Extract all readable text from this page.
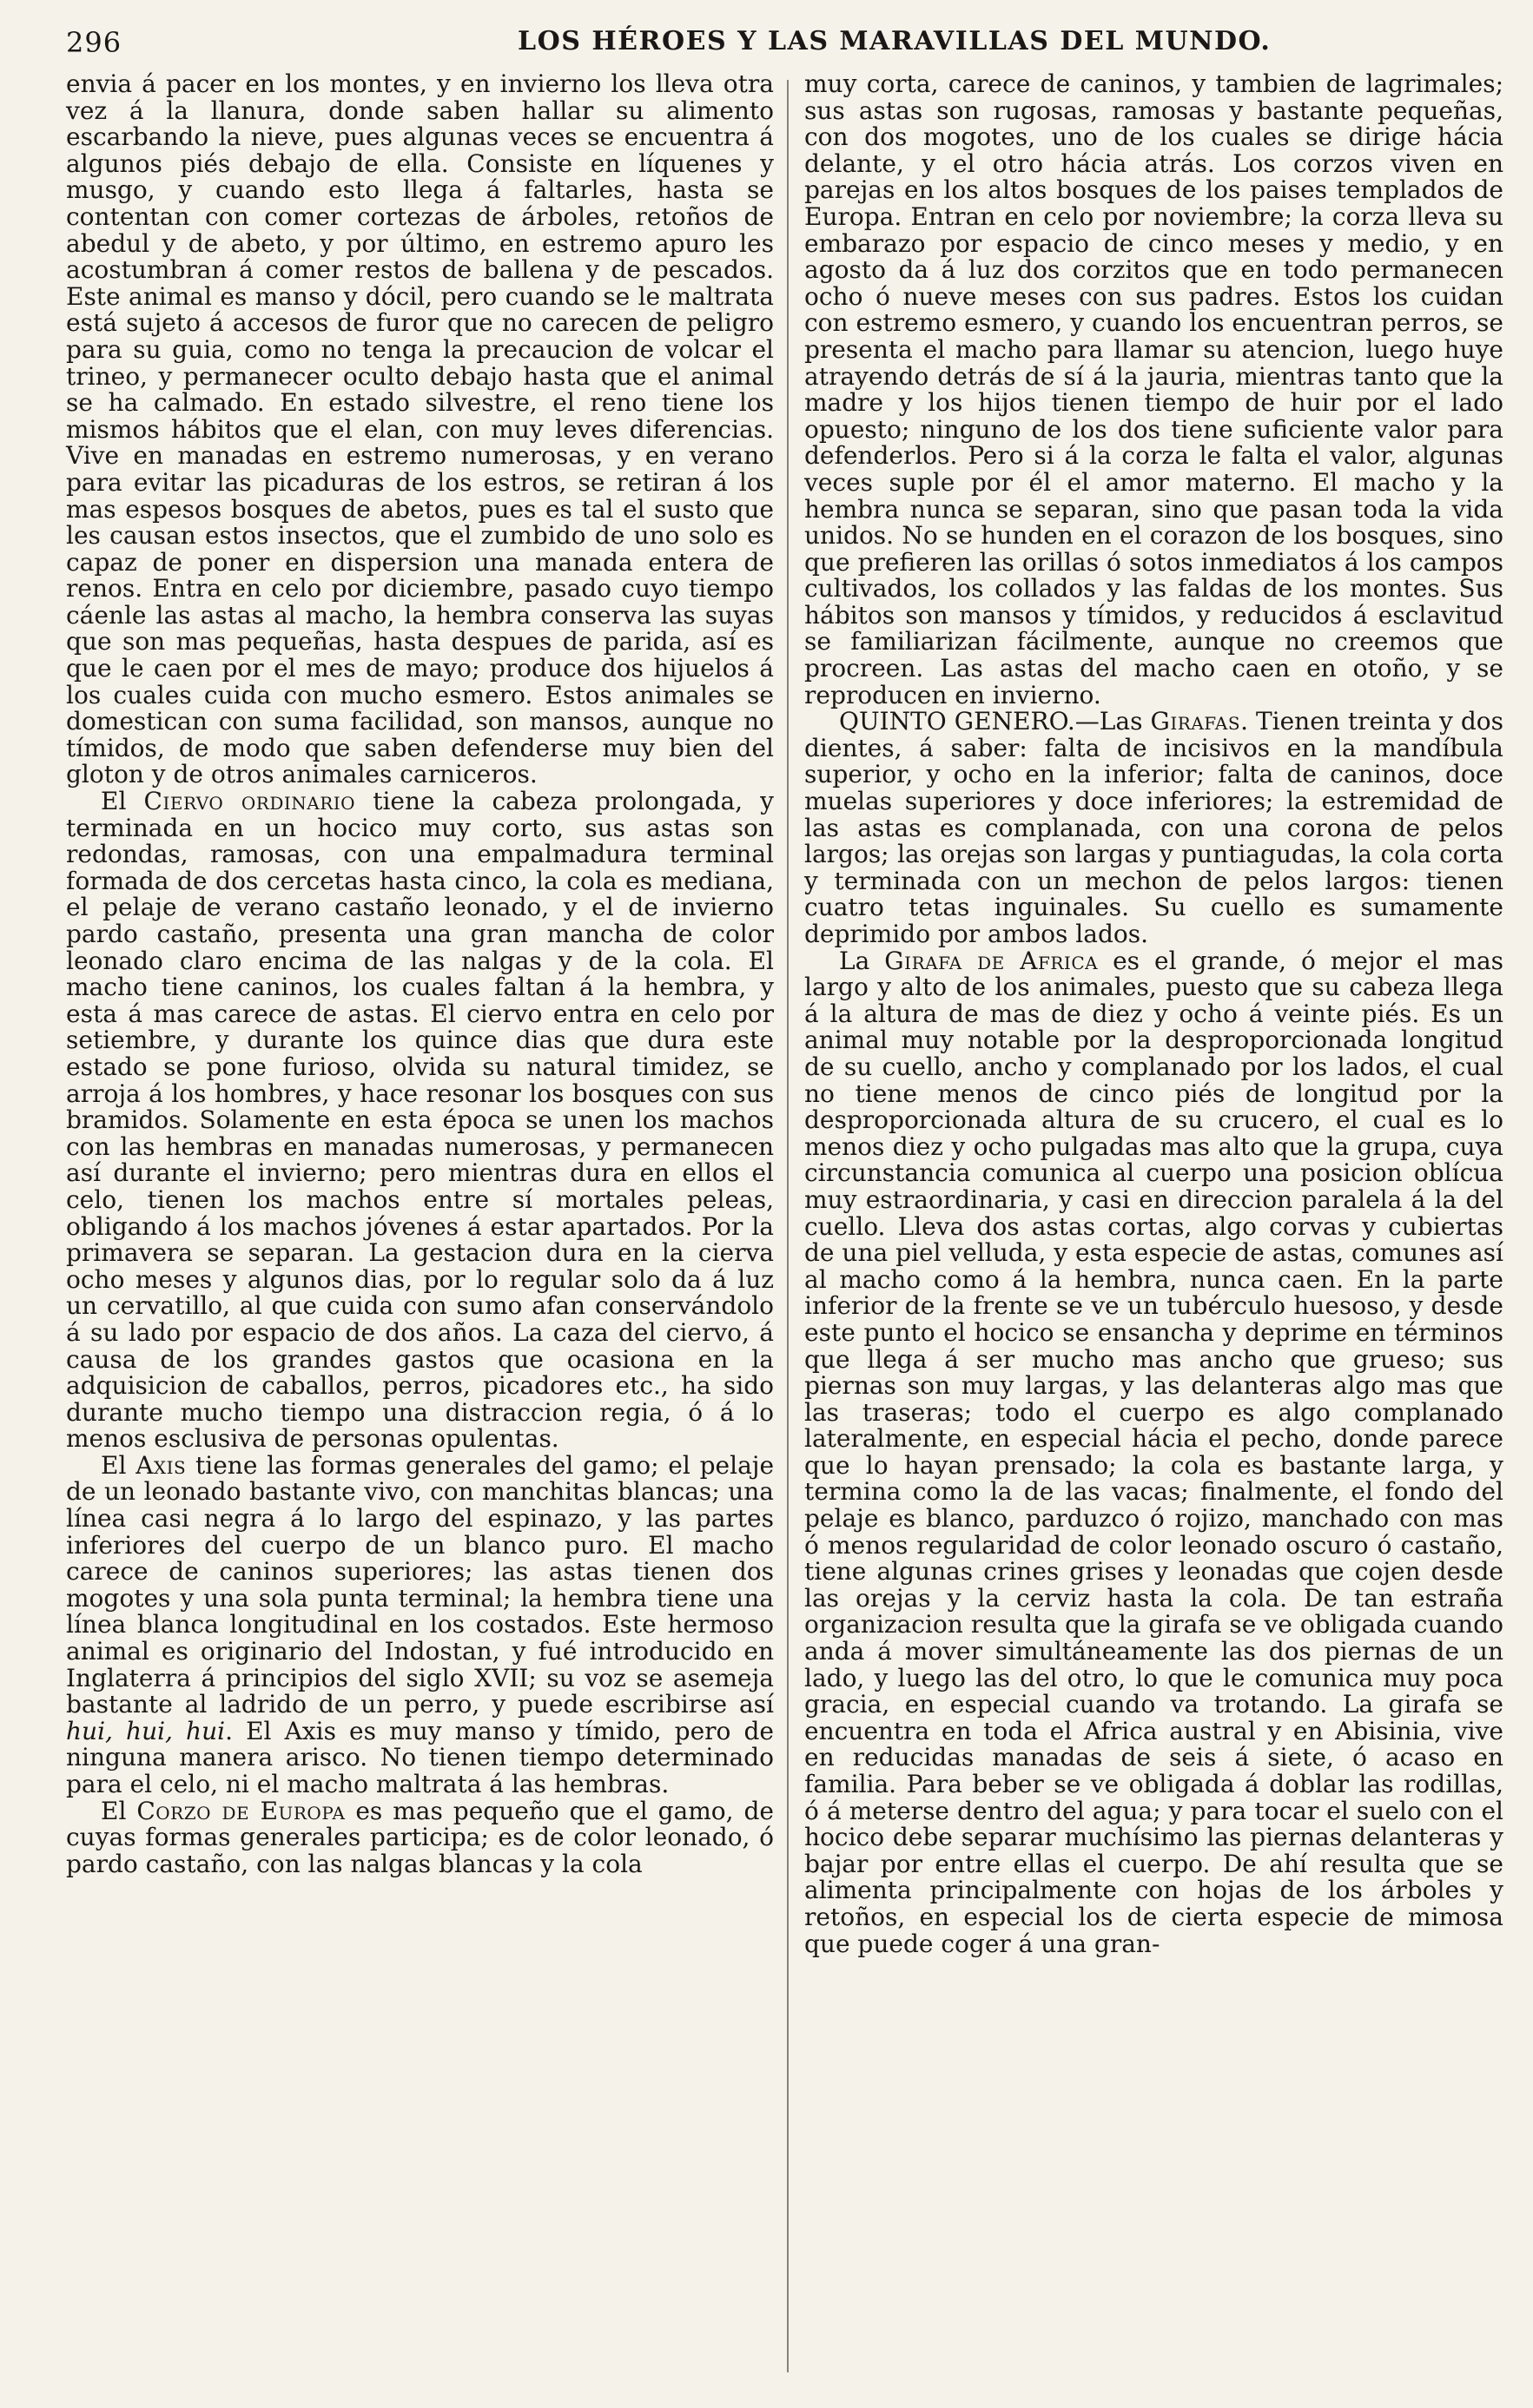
296	LOS HÉROES Y LAS MARAVILLAS DEL MUNDO.

envia á pacer en los montes, y en invierno los lleva otra vez á la llanura, donde saben hallar su alimento escarbando la nieve, pues algunas veces se encuentra á algunos piés debajo de ella. Consiste en líquenes y musgo, y cuando esto llega á faltarles, hasta se contentan con comer cortezas de árboles, retoños de abedul y de abeto, y por último, en estremo apuro les acostumbran á comer restos de ballena y de pescados. Este animal es manso y dócil, pero cuando se le maltrata está sujeto á accesos de furor que no carecen de peligro para su guia, como no tenga la precaucion de volcar el trineo, y permanecer oculto debajo hasta que el animal se ha calmado. En estado silvestre, el reno tiene los mismos hábitos que el elan, con muy leves diferencias. Vive en manadas en estremo numerosas, y en verano para evitar las picaduras de los estros, se retiran á los mas espesos bosques de abetos, pues es tal el susto que les causan estos insectos, que el zumbido de uno solo es capaz de poner en dispersion una manada entera de renos. Entra en celo por diciembre, pasado cuyo tiempo cáenle las astas al macho, la hembra conserva las suyas que son mas pequeñas, hasta despues de parida, así es que le caen por el mes de mayo; produce dos hijuelos á los cuales cuida con mucho esmero. Estos animales se domestican con suma facilidad, son mansos, aunque no tímidos, de modo que saben defenderse muy bien del gloton y de otros animales carniceros.

El Ciervo ordinario tiene la cabeza prolongada, y terminada en un hocico muy corto, sus astas son redondas, ramosas, con una empalmadura terminal formada de dos cercetas hasta cinco, la cola es mediana, el pelaje de verano castaño leonado, y el de invierno pardo castaño, presenta una gran mancha de color leonado claro encima de las nalgas y de la cola. El macho tiene caninos, los cuales faltan á la hembra, y esta á mas carece de astas. El ciervo entra en celo por setiembre, y durante los quince dias que dura este estado se pone furioso, olvida su natural timidez, se arroja á los hombres, y hace resonar los bosques con sus bramidos. Solamente en esta época se unen los machos con las hembras en manadas numerosas, y permanecen así durante el invierno; pero mientras dura en ellos el celo, tienen los machos entre sí mortales peleas, obligando á los machos jóvenes á estar apartados. Por la primavera se separan. La gestacion dura en la cierva ocho meses y algunos dias, por lo regular solo da á luz un cervatillo, al que cuida con sumo afan conservándolo á su lado por espacio de dos años. La caza del ciervo, á causa de los grandes gastos que ocasiona en la adquisicion de caballos, perros, picadores etc., ha sido durante mucho tiempo una distraccion regia, ó á lo menos esclusiva de personas opulentas.

El Axis tiene las formas generales del gamo; el pelaje de un leonado bastante vivo, con manchitas blancas; una línea casi negra á lo largo del espinazo, y las partes inferiores del cuerpo de un blanco puro. El macho carece de caninos superiores; las astas tienen dos mogotes y una sola punta terminal; la hembra tiene una línea blanca longitudinal en los costados. Este hermoso animal es originario del Indostan, y fué introducido en Inglaterra á principios del siglo XVII; su voz se asemeja bastante al ladrido de un perro, y puede escribirse así hui, hui, hui. El Axis es muy manso y tímido, pero de ninguna manera arisco. No tienen tiempo determinado para el celo, ni el macho maltrata á las hembras.

El Corzo de Europa es mas pequeño que el gamo, de cuyas formas generales participa; es de color leonado, ó pardo castaño, con las nalgas blancas y la cola

muy corta, carece de caninos, y tambien de lagrimales; sus astas son rugosas, ramosas y bastante pequeñas, con dos mogotes, uno de los cuales se dirige hácia delante, y el otro hácia atrás. Los corzos viven en parejas en los altos bosques de los paises templados de Europa. Entran en celo por noviembre; la corza lleva su embarazo por espacio de cinco meses y medio, y en agosto da á luz dos corzitos que en todo permanecen ocho ó nueve meses con sus padres. Estos los cuidan con estremo esmero, y cuando los encuentran perros, se presenta el macho para llamar su atencion, luego huye atrayendo detrás de sí á la jauria, mientras tanto que la madre y los hijos tienen tiempo de huir por el lado opuesto; ninguno de los dos tiene suficiente valor para defenderlos. Pero si á la corza le falta el valor, algunas veces suple por él el amor materno. El macho y la hembra nunca se separan, sino que pasan toda la vida unidos. No se hunden en el corazon de los bosques, sino que prefieren las orillas ó sotos inmediatos á los campos cultivados, los collados y las faldas de los montes. Sus hábitos son mansos y tímidos, y reducidos á esclavitud se familiarizan fácilmente, aunque no creemos que procreen. Las astas del macho caen en otoño, y se reproducen en invierno.

QUINTO GENERO.—Las Girafas. Tienen treinta y dos dientes, á saber: falta de incisivos en la mandíbula superior, y ocho en la inferior; falta de caninos, doce muelas superiores y doce inferiores; la estremidad de las astas es complanada, con una corona de pelos largos; las orejas son largas y puntiagudas, la cola corta y terminada con un mechon de pelos largos: tienen cuatro tetas inguinales. Su cuello es sumamente deprimido por ambos lados.

La Girafa de Africa es el grande, ó mejor el mas largo y alto de los animales, puesto que su cabeza llega á la altura de mas de diez y ocho á veinte piés. Es un animal muy notable por la desproporcionada longitud de su cuello, ancho y complanado por los lados, el cual no tiene menos de cinco piés de longitud por la desproporcionada altura de su crucero, el cual es lo menos diez y ocho pulgadas mas alto que la grupa, cuya circunstancia comunica al cuerpo una posicion oblícua muy estraordinaria, y casi en direccion paralela á la del cuello. Lleva dos astas cortas, algo corvas y cubiertas de una piel velluda, y esta especie de astas, comunes así al macho como á la hembra, nunca caen. En la parte inferior de la frente se ve un tubérculo huesoso, y desde este punto el hocico se ensancha y deprime en términos que llega á ser mucho mas ancho que grueso; sus piernas son muy largas, y las delanteras algo mas que las traseras; todo el cuerpo es algo complanado lateralmente, en especial hácia el pecho, donde parece que lo hayan prensado; la cola es bastante larga, y termina como la de las vacas; finalmente, el fondo del pelaje es blanco, parduzco ó rojizo, manchado con mas ó menos regularidad de color leonado oscuro ó castaño, tiene algunas crines grises y leonadas que cojen desde las orejas y la cerviz hasta la cola. De tan estraña organizacion resulta que la girafa se ve obligada cuando anda á mover simultáneamente las dos piernas de un lado, y luego las del otro, lo que le comunica muy poca gracia, en especial cuando va trotando. La girafa se encuentra en toda el Africa austral y en Abisinia, vive en reducidas manadas de seis á siete, ó acaso en familia. Para beber se ve obligada á doblar las rodillas, ó á meterse dentro del agua; y para tocar el suelo con el hocico debe separar muchísimo las piernas delanteras y bajar por entre ellas el cuerpo. De ahí resulta que se alimenta principalmente con hojas de los árboles y retoños, en especial los de cierta especie de mimosa que puede coger á una gran-
